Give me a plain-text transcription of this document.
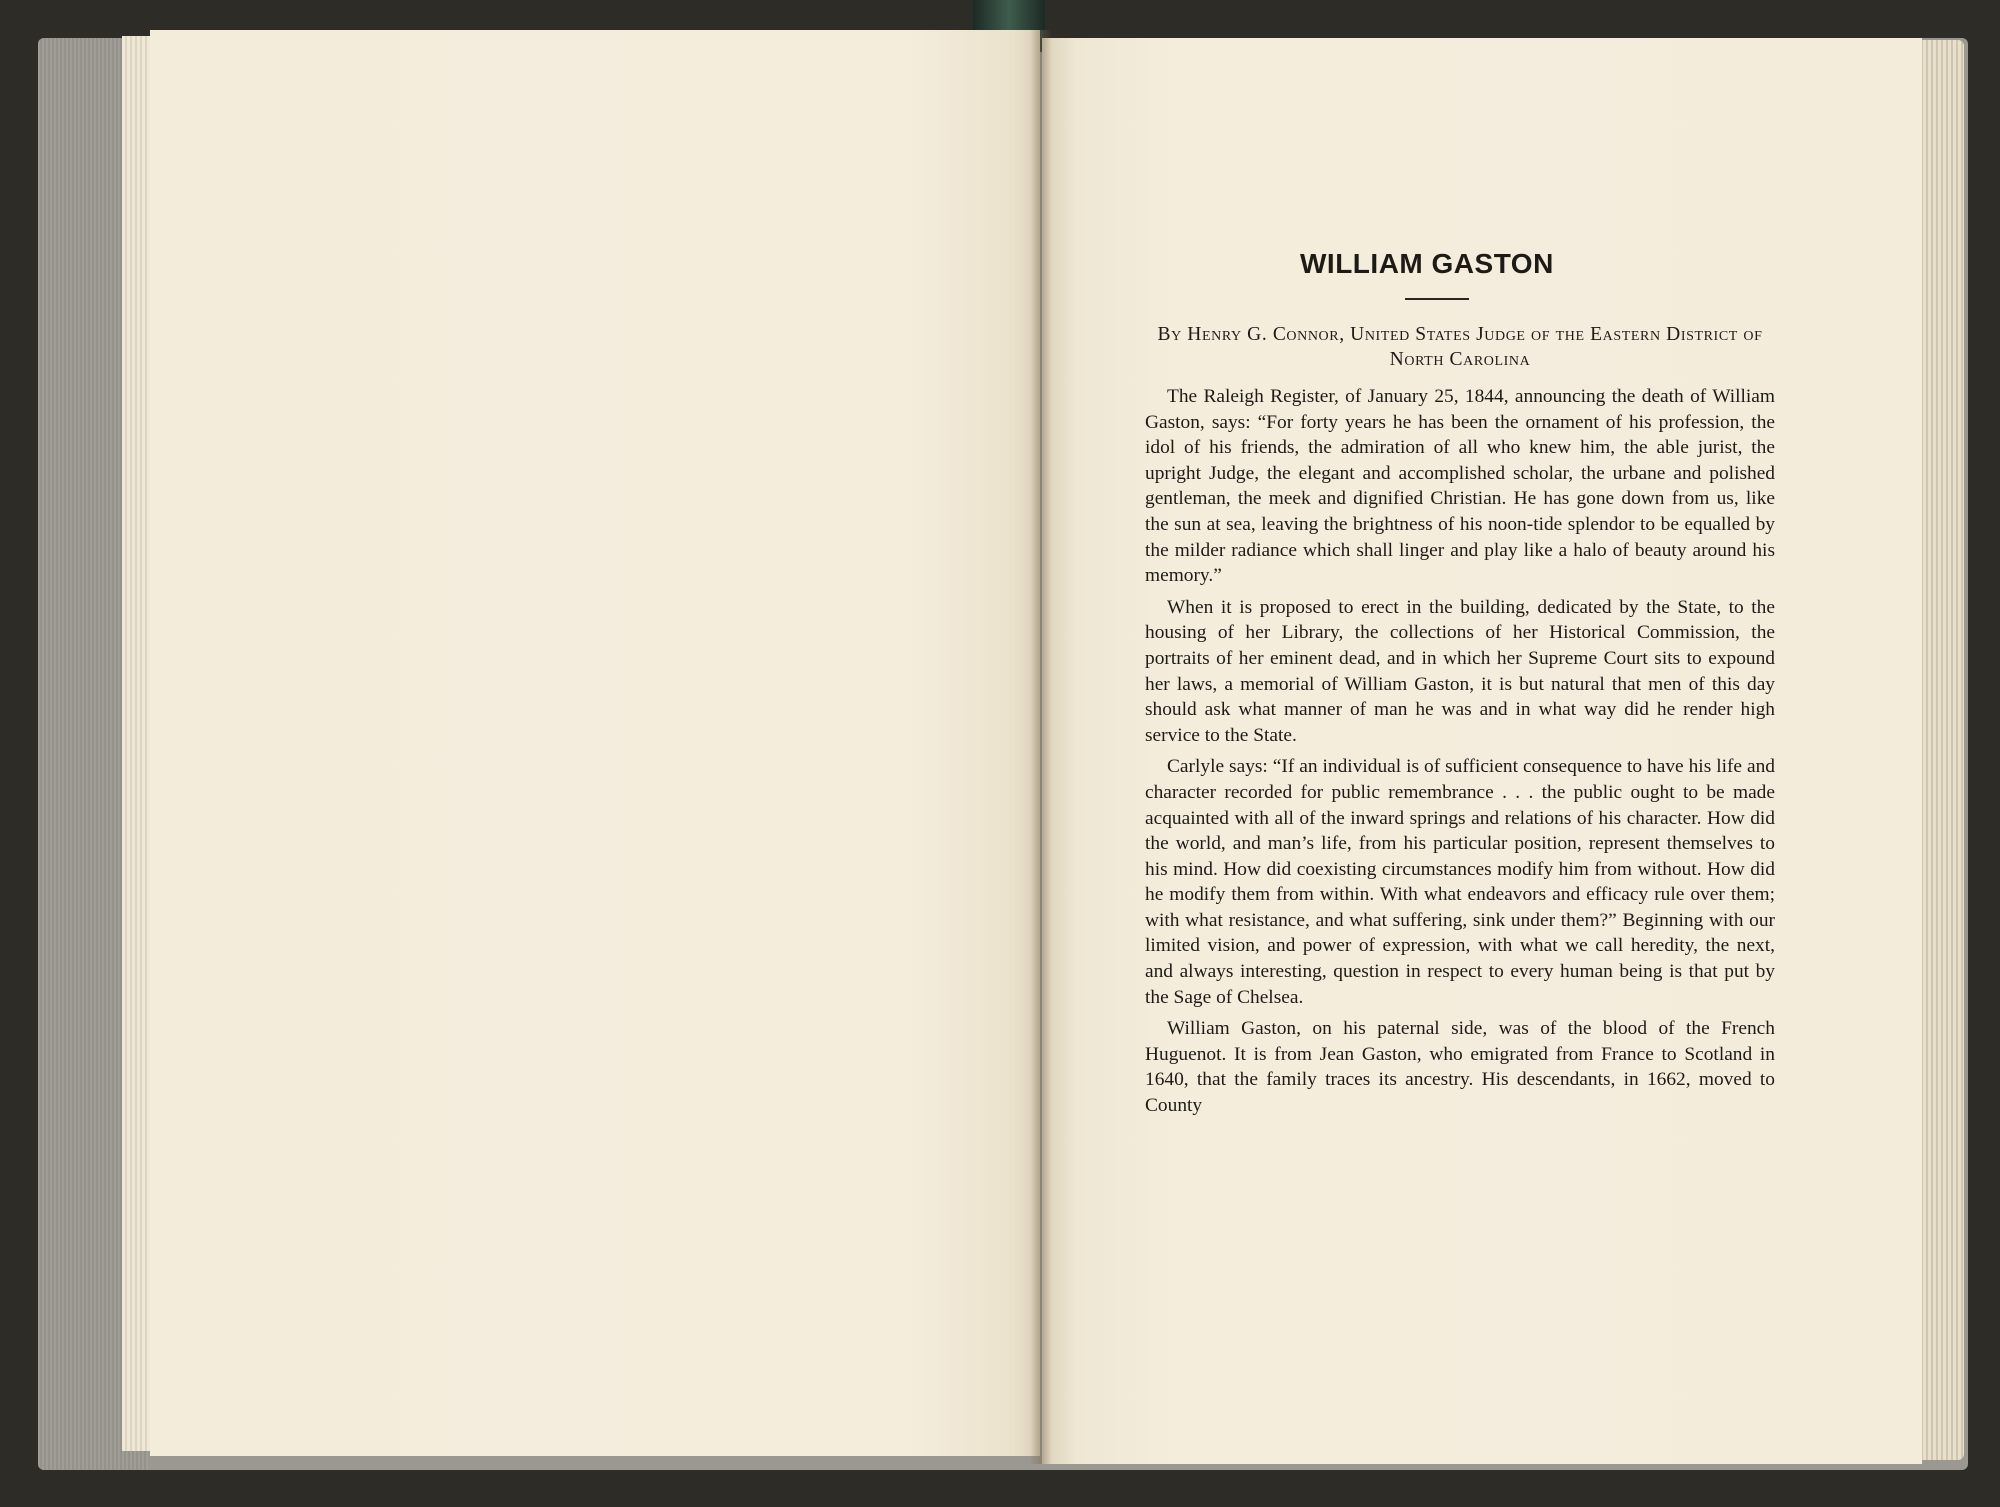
WILLIAM GASTON

By Henry G. Connor, United States Judge of the Eastern District of North Carolina

The Raleigh Register, of January 25, 1844, announcing the death of William Gaston, says: “For forty years he has been the ornament of his profession, the idol of his friends, the admiration of all who knew him, the able jurist, the upright Judge, the elegant and accomplished scholar, the urbane and polished gentleman, the meek and dignified Christian. He has gone down from us, like the sun at sea, leaving the brightness of his noon-tide splendor to be equalled by the milder radiance which shall linger and play like a halo of beauty around his memory.”

When it is proposed to erect in the building, dedicated by the State, to the housing of her Library, the collections of her Historical Commission, the portraits of her eminent dead, and in which her Supreme Court sits to expound her laws, a memorial of William Gaston, it is but natural that men of this day should ask what manner of man he was and in what way did he render high service to the State.

Carlyle says: “If an individual is of sufficient consequence to have his life and character recorded for public remembrance . . . the public ought to be made acquainted with all of the inward springs and relations of his character. How did the world, and man’s life, from his particular position, represent themselves to his mind. How did coexisting circumstances modify him from without. How did he modify them from within. With what endeavors and efficacy rule over them; with what resistance, and what suffering, sink under them?” Beginning with our limited vision, and power of expression, with what we call heredity, the next, and always interesting, question in respect to every human being is that put by the Sage of Chelsea.

William Gaston, on his paternal side, was of the blood of the French Huguenot. It is from Jean Gaston, who emigrated from France to Scotland in 1640, that the family traces its ancestry. His descendants, in 1662, moved to County
